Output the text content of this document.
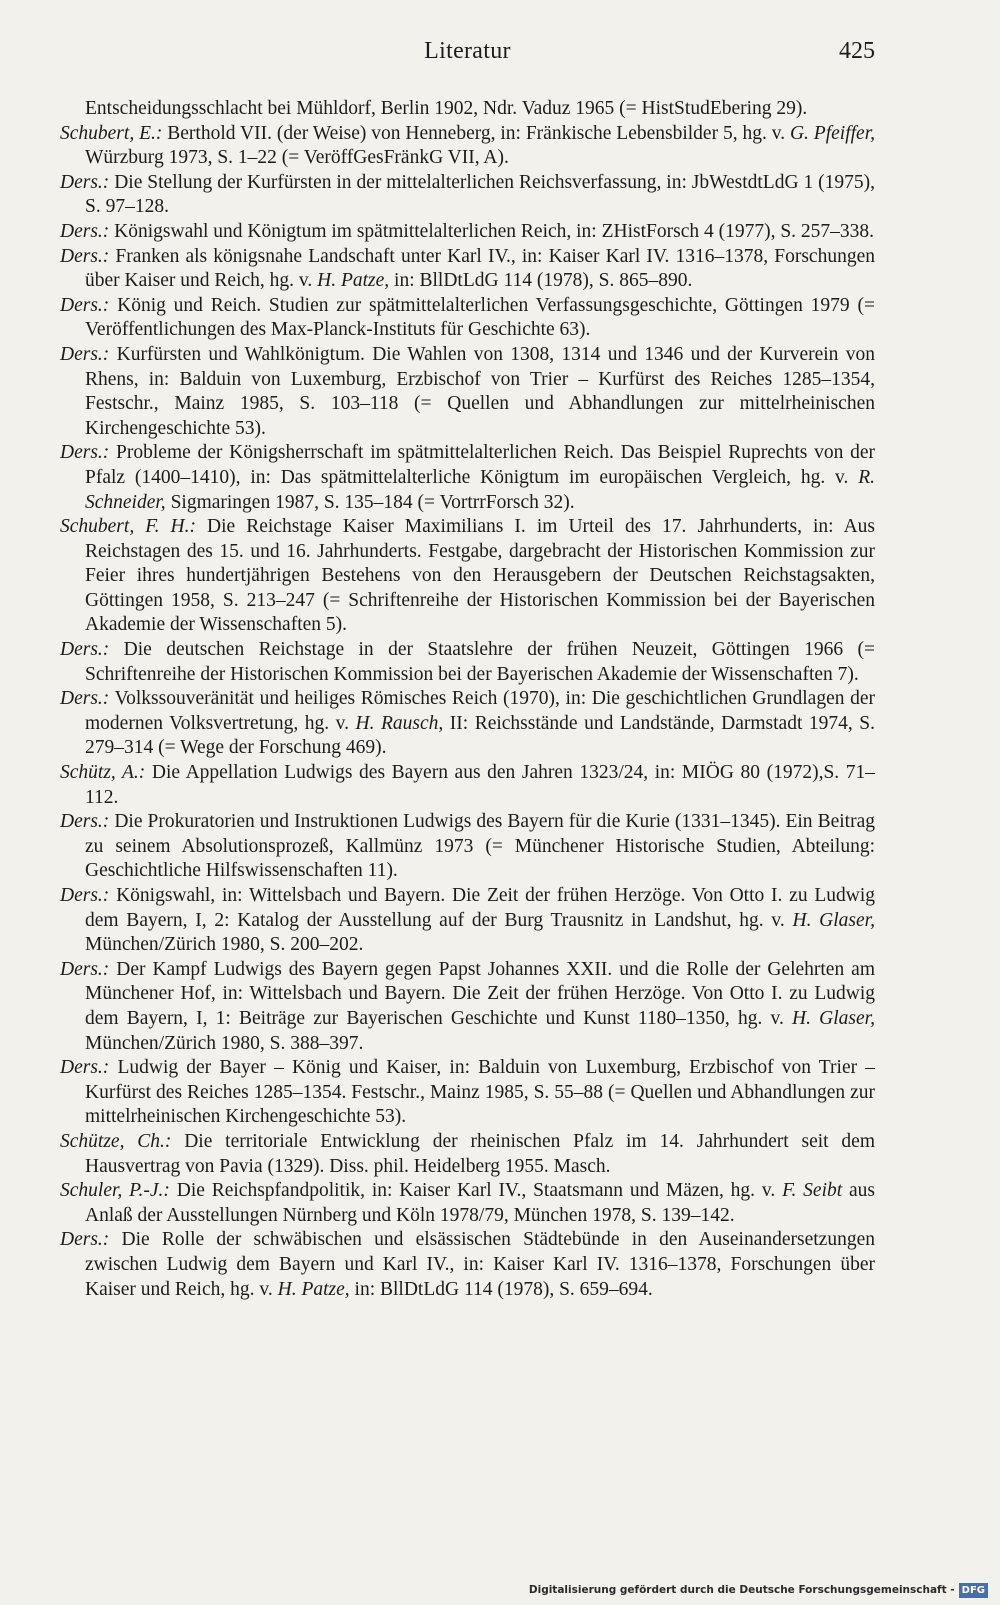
Literatur	425
Entscheidungsschlacht bei Mühldorf, Berlin 1902, Ndr. Vaduz 1965 (= HistStudEbering 29).
Schubert, E.: Berthold VII. (der Weise) von Henneberg, in: Fränkische Lebensbilder 5, hg. v. G. Pfeiffer, Würzburg 1973, S. 1–22 (= VeröffGesFränkG VII, A).
Ders.: Die Stellung der Kurfürsten in der mittelalterlichen Reichsverfassung, in: JbWestdtLdG 1 (1975), S. 97–128.
Ders.: Königswahl und Königtum im spätmittelalterlichen Reich, in: ZHistForsch 4 (1977), S. 257–338.
Ders.: Franken als königsnahe Landschaft unter Karl IV., in: Kaiser Karl IV. 1316–1378, Forschungen über Kaiser und Reich, hg. v. H. Patze, in: BllDtLdG 114 (1978), S. 865–890.
Ders.: König und Reich. Studien zur spätmittelalterlichen Verfassungsgeschichte, Göttingen 1979 (= Veröffentlichungen des Max-Planck-Instituts für Geschichte 63).
Ders.: Kurfürsten und Wahlkönigtum. Die Wahlen von 1308, 1314 und 1346 und der Kurverein von Rhens, in: Balduin von Luxemburg, Erzbischof von Trier – Kurfürst des Reiches 1285–1354, Festschr., Mainz 1985, S. 103–118 (= Quellen und Abhandlungen zur mittelrheinischen Kirchengeschichte 53).
Ders.: Probleme der Königsherrschaft im spätmittelalterlichen Reich. Das Beispiel Ruprechts von der Pfalz (1400–1410), in: Das spätmittelalterliche Königtum im europäischen Vergleich, hg. v. R. Schneider, Sigmaringen 1987, S. 135–184 (= VortrrForsch 32).
Schubert, F. H.: Die Reichstage Kaiser Maximilians I. im Urteil des 17. Jahrhunderts, in: Aus Reichstagen des 15. und 16. Jahrhunderts. Festgabe, dargebracht der Historischen Kommission zur Feier ihres hundertjährigen Bestehens von den Herausgebern der Deutschen Reichstagsakten, Göttingen 1958, S. 213–247 (= Schriftenreihe der Historischen Kommission bei der Bayerischen Akademie der Wissenschaften 5).
Ders.: Die deutschen Reichstage in der Staatslehre der frühen Neuzeit, Göttingen 1966 (= Schriftenreihe der Historischen Kommission bei der Bayerischen Akademie der Wissenschaften 7).
Ders.: Volkssouveränität und heiliges Römisches Reich (1970), in: Die geschichtlichen Grundlagen der modernen Volksvertretung, hg. v. H. Rausch, II: Reichsstände und Landstände, Darmstadt 1974, S. 279–314 (= Wege der Forschung 469).
Schütz, A.: Die Appellation Ludwigs des Bayern aus den Jahren 1323/24, in: MIÖG 80 (1972),S. 71–112.
Ders.: Die Prokuratorien und Instruktionen Ludwigs des Bayern für die Kurie (1331–1345). Ein Beitrag zu seinem Absolutionsprozeß, Kallmünz 1973 (= Münchener Historische Studien, Abteilung: Geschichtliche Hilfswissenschaften 11).
Ders.: Königswahl, in: Wittelsbach und Bayern. Die Zeit der frühen Herzöge. Von Otto I. zu Ludwig dem Bayern, I, 2: Katalog der Ausstellung auf der Burg Trausnitz in Landshut, hg. v. H. Glaser, München/Zürich 1980, S. 200–202.
Ders.: Der Kampf Ludwigs des Bayern gegen Papst Johannes XXII. und die Rolle der Gelehrten am Münchener Hof, in: Wittelsbach und Bayern. Die Zeit der frühen Herzöge. Von Otto I. zu Ludwig dem Bayern, I, 1: Beiträge zur Bayerischen Geschichte und Kunst 1180–1350, hg. v. H. Glaser, München/Zürich 1980, S. 388–397.
Ders.: Ludwig der Bayer – König und Kaiser, in: Balduin von Luxemburg, Erzbischof von Trier – Kurfürst des Reiches 1285–1354. Festschr., Mainz 1985, S. 55–88 (= Quellen und Abhandlungen zur mittelrheinischen Kirchengeschichte 53).
Schütze, Ch.: Die territoriale Entwicklung der rheinischen Pfalz im 14. Jahrhundert seit dem Hausvertrag von Pavia (1329). Diss. phil. Heidelberg 1955. Masch.
Schuler, P.-J.: Die Reichspfandpolitik, in: Kaiser Karl IV., Staatsmann und Mäzen, hg. v. F. Seibt aus Anlaß der Ausstellungen Nürnberg und Köln 1978/79, München 1978, S. 139–142.
Ders.: Die Rolle der schwäbischen und elsässischen Städtebünde in den Auseinandersetzungen zwischen Ludwig dem Bayern und Karl IV., in: Kaiser Karl IV. 1316–1378, Forschungen über Kaiser und Reich, hg. v. H. Patze, in: BllDtLdG 114 (1978), S. 659–694.
Digitalisierung gefördert durch die Deutsche Forschungsgemeinschaft - DFG
